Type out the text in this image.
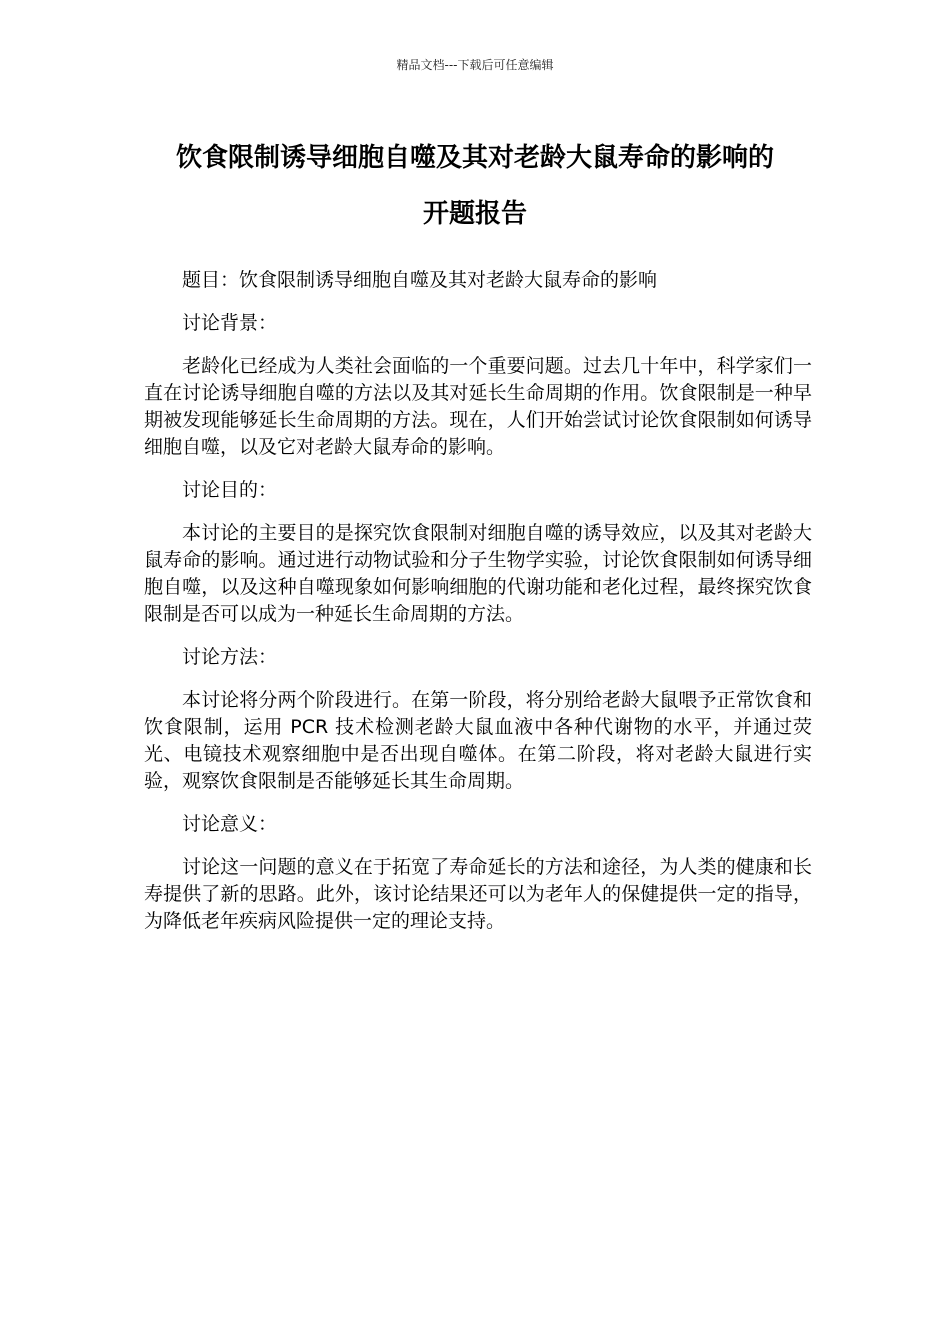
精品文档---下载后可任意编辑
饮食限制诱导细胞自噬及其对老龄大鼠寿命的影响的
开题报告

题目：饮食限制诱导细胞自噬及其对老龄大鼠寿命的影响

讨论背景：

老龄化已经成为人类社会面临的一个重要问题。过去几十年中，科学家们一直在讨论诱导细胞自噬的方法以及其对延长生命周期的作用。饮食限制是一种早期被发现能够延长生命周期的方法。现在，人们开始尝试讨论饮食限制如何诱导细胞自噬，以及它对老龄大鼠寿命的影响。

讨论目的：

本讨论的主要目的是探究饮食限制对细胞自噬的诱导效应，以及其对老龄大鼠寿命的影响。通过进行动物试验和分子生物学实验，讨论饮食限制如何诱导细胞自噬，以及这种自噬现象如何影响细胞的代谢功能和老化过程，最终探究饮食限制是否可以成为一种延长生命周期的方法。

讨论方法：

本讨论将分两个阶段进行。在第一阶段，将分别给老龄大鼠喂予正常饮食和饮食限制，运用 PCR 技术检测老龄大鼠血液中各种代谢物的水平，并通过荧光、电镜技术观察细胞中是否出现自噬体。在第二阶段，将对老龄大鼠进行实验，观察饮食限制是否能够延长其生命周期。

讨论意义：

讨论这一问题的意义在于拓宽了寿命延长的方法和途径，为人类的健康和长寿提供了新的思路。此外，该讨论结果还可以为老年人的保健提供一定的指导，为降低老年疾病风险提供一定的理论支持。
